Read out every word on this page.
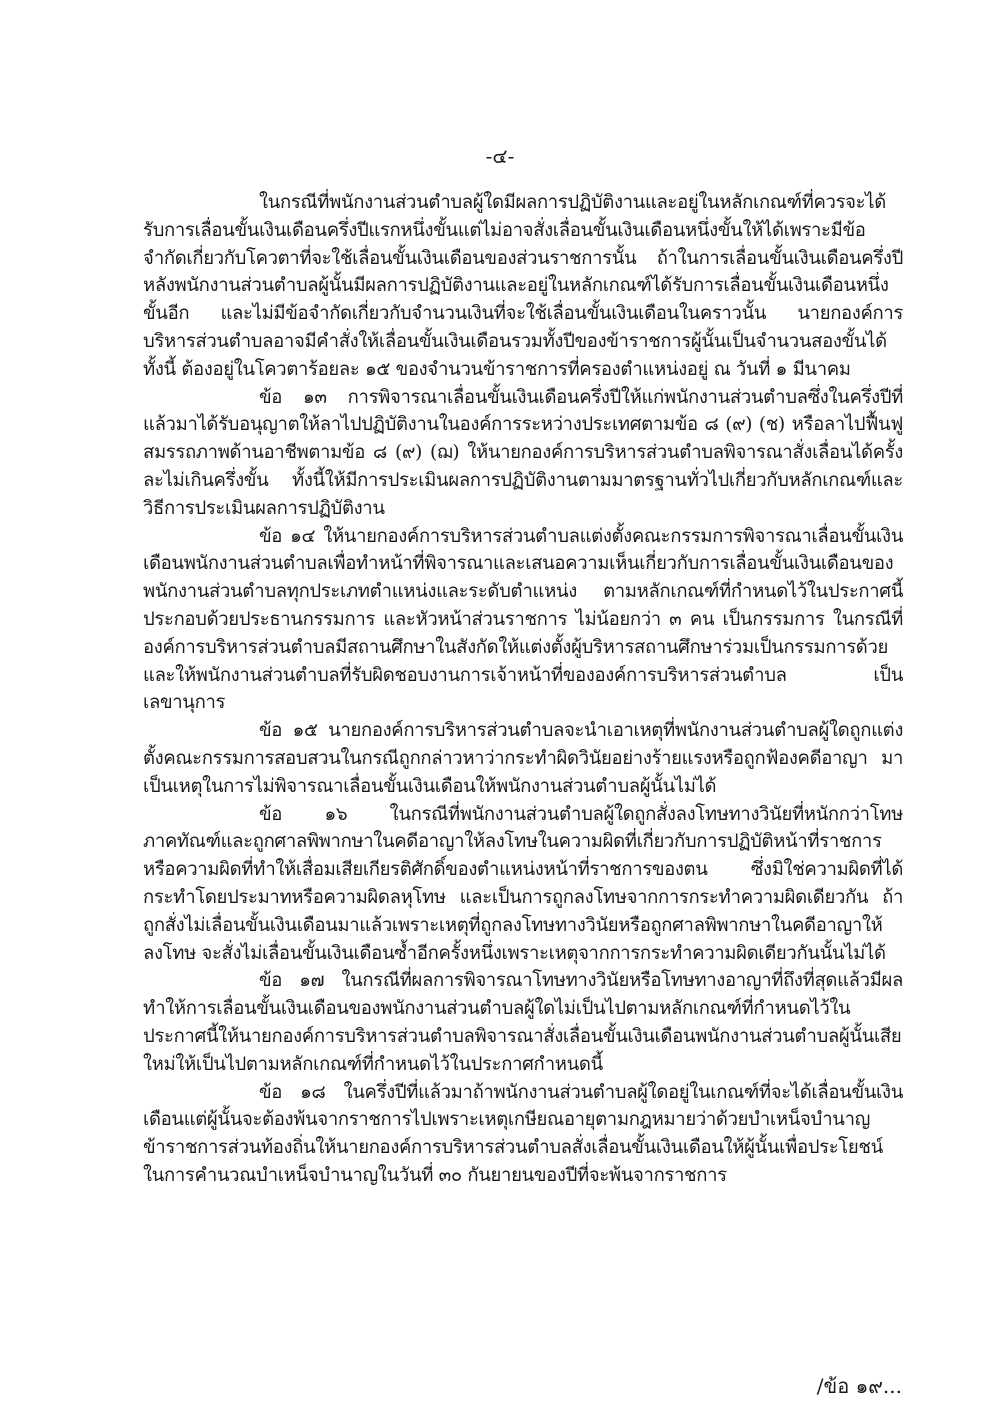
-๔-

ในกรณีที่พนักงานส่วนตำบลผู้ใดมีผลการปฏิบัติงานและอยู่ในหลักเกณฑ์ที่ควรจะได้รับการเลื่อนขั้นเงินเดือนครึ่งปีแรกหนึ่งขั้นแต่ไม่อาจสั่งเลื่อนขั้นเงินเดือนหนึ่งขั้นให้ได้เพราะมีข้อจำกัดเกี่ยวกับโควตาที่จะใช้เลื่อนขั้นเงินเดือนของส่วนราชการนั้น ถ้าในการเลื่อนขั้นเงินเดือนครึ่งปีหลังพนักงานส่วนตำบลผู้นั้นมีผลการปฏิบัติงานและอยู่ในหลักเกณฑ์ได้รับการเลื่อนขั้นเงินเดือนหนึ่งขั้นอีก และไม่มีข้อจำกัดเกี่ยวกับจำนวนเงินที่จะใช้เลื่อนขั้นเงินเดือนในคราวนั้น นายกองค์การบริหารส่วนตำบลอาจมีคำสั่งให้เลื่อนขั้นเงินเดือนรวมทั้งปีของข้าราชการผู้นั้นเป็นจำนวนสองขั้นได้ ทั้งนี้ ต้องอยู่ในโควตาร้อยละ ๑๕ ของจำนวนข้าราชการที่ครองตำแหน่งอยู่ ณ วันที่ ๑ มีนาคม

ข้อ ๑๓ การพิจารณาเลื่อนขั้นเงินเดือนครึ่งปีให้แก่พนักงานส่วนตำบลซึ่งในครึ่งปีที่แล้วมาได้รับอนุญาตให้ลาไปปฏิบัติงานในองค์การระหว่างประเทศตามข้อ ๘ (๙) (ช) หรือลาไปฟื้นฟูสมรรถภาพด้านอาชีพตามข้อ ๘ (๙) (ฌ) ให้นายกองค์การบริหารส่วนตำบลพิจารณาสั่งเลื่อนได้ครั้งละไม่เกินครึ่งขั้น ทั้งนี้ให้มีการประเมินผลการปฏิบัติงานตามมาตรฐานทั่วไปเกี่ยวกับหลักเกณฑ์และวิธีการประเมินผลการปฏิบัติงาน

ข้อ ๑๔ ให้นายกองค์การบริหารส่วนตำบลแต่งตั้งคณะกรรมการพิจารณาเลื่อนขั้นเงินเดือนพนักงานส่วนตำบลเพื่อทำหน้าที่พิจารณาและเสนอความเห็นเกี่ยวกับการเลื่อนขั้นเงินเดือนของพนักงานส่วนตำบลทุกประเภทตำแหน่งและระดับตำแหน่ง ตามหลักเกณฑ์ที่กำหนดไว้ในประกาศนี้ ประกอบด้วยประธานกรรมการ และหัวหน้าส่วนราชการ ไม่น้อยกว่า ๓ คน เป็นกรรมการ ในกรณีที่องค์การบริหารส่วนตำบลมีสถานศึกษาในสังกัดให้แต่งตั้งผู้บริหารสถานศึกษาร่วมเป็นกรรมการด้วย และให้พนักงานส่วนตำบลที่รับผิดชอบงานการเจ้าหน้าที่ขององค์การบริหารส่วนตำบล เป็นเลขานุการ

ข้อ ๑๕ นายกองค์การบริหารส่วนตำบลจะนำเอาเหตุที่พนักงานส่วนตำบลผู้ใดถูกแต่งตั้งคณะกรรมการสอบสวนในกรณีถูกกล่าวหาว่ากระทำผิดวินัยอย่างร้ายแรงหรือถูกฟ้องคดีอาญา มาเป็นเหตุในการไม่พิจารณาเลื่อนขั้นเงินเดือนให้พนักงานส่วนตำบลผู้นั้นไม่ได้

ข้อ ๑๖ ในกรณีที่พนักงานส่วนตำบลผู้ใดถูกสั่งลงโทษทางวินัยที่หนักกว่าโทษภาคทัณฑ์และถูกศาลพิพากษาในคดีอาญาให้ลงโทษในความผิดที่เกี่ยวกับการปฏิบัติหน้าที่ราชการหรือความผิดที่ทำให้เสื่อมเสียเกียรติศักดิ์ของตำแหน่งหน้าที่ราชการของตน ซึ่งมิใช่ความผิดที่ได้กระทำโดยประมาทหรือความผิดลหุโทษ และเป็นการถูกลงโทษจากการกระทำความผิดเดียวกัน ถ้าถูกสั่งไม่เลื่อนขั้นเงินเดือนมาแล้วเพราะเหตุที่ถูกลงโทษทางวินัยหรือถูกศาลพิพากษาในคดีอาญาให้ลงโทษ จะสั่งไม่เลื่อนขั้นเงินเดือนซ้ำอีกครั้งหนึ่งเพราะเหตุจากการกระทำความผิดเดียวกันนั้นไม่ได้

ข้อ ๑๗ ในกรณีที่ผลการพิจารณาโทษทางวินัยหรือโทษทางอาญาที่ถึงที่สุดแล้วมีผลทำให้การเลื่อนขั้นเงินเดือนของพนักงานส่วนตำบลผู้ใดไม่เป็นไปตามหลักเกณฑ์ที่กำหนดไว้ในประกาศนี้ให้นายกองค์การบริหารส่วนตำบลพิจารณาสั่งเลื่อนขั้นเงินเดือนพนักงานส่วนตำบลผู้นั้นเสียใหม่ให้เป็นไปตามหลักเกณฑ์ที่กำหนดไว้ในประกาศกำหนดนี้

ข้อ ๑๘ ในครึ่งปีที่แล้วมาถ้าพนักงานส่วนตำบลผู้ใดอยู่ในเกณฑ์ที่จะได้เลื่อนขั้นเงินเดือนแต่ผู้นั้นจะต้องพ้นจากราชการไปเพราะเหตุเกษียณอายุตามกฎหมายว่าด้วยบำเหน็จบำนาญข้าราชการส่วนท้องถิ่นให้นายกองค์การบริหารส่วนตำบลสั่งเลื่อนขั้นเงินเดือนให้ผู้นั้นเพื่อประโยชน์ในการคำนวณบำเหน็จบำนาญในวันที่ ๓๐ กันยายนของปีที่จะพ้นจากราชการ

/ข้อ ๑๙...
